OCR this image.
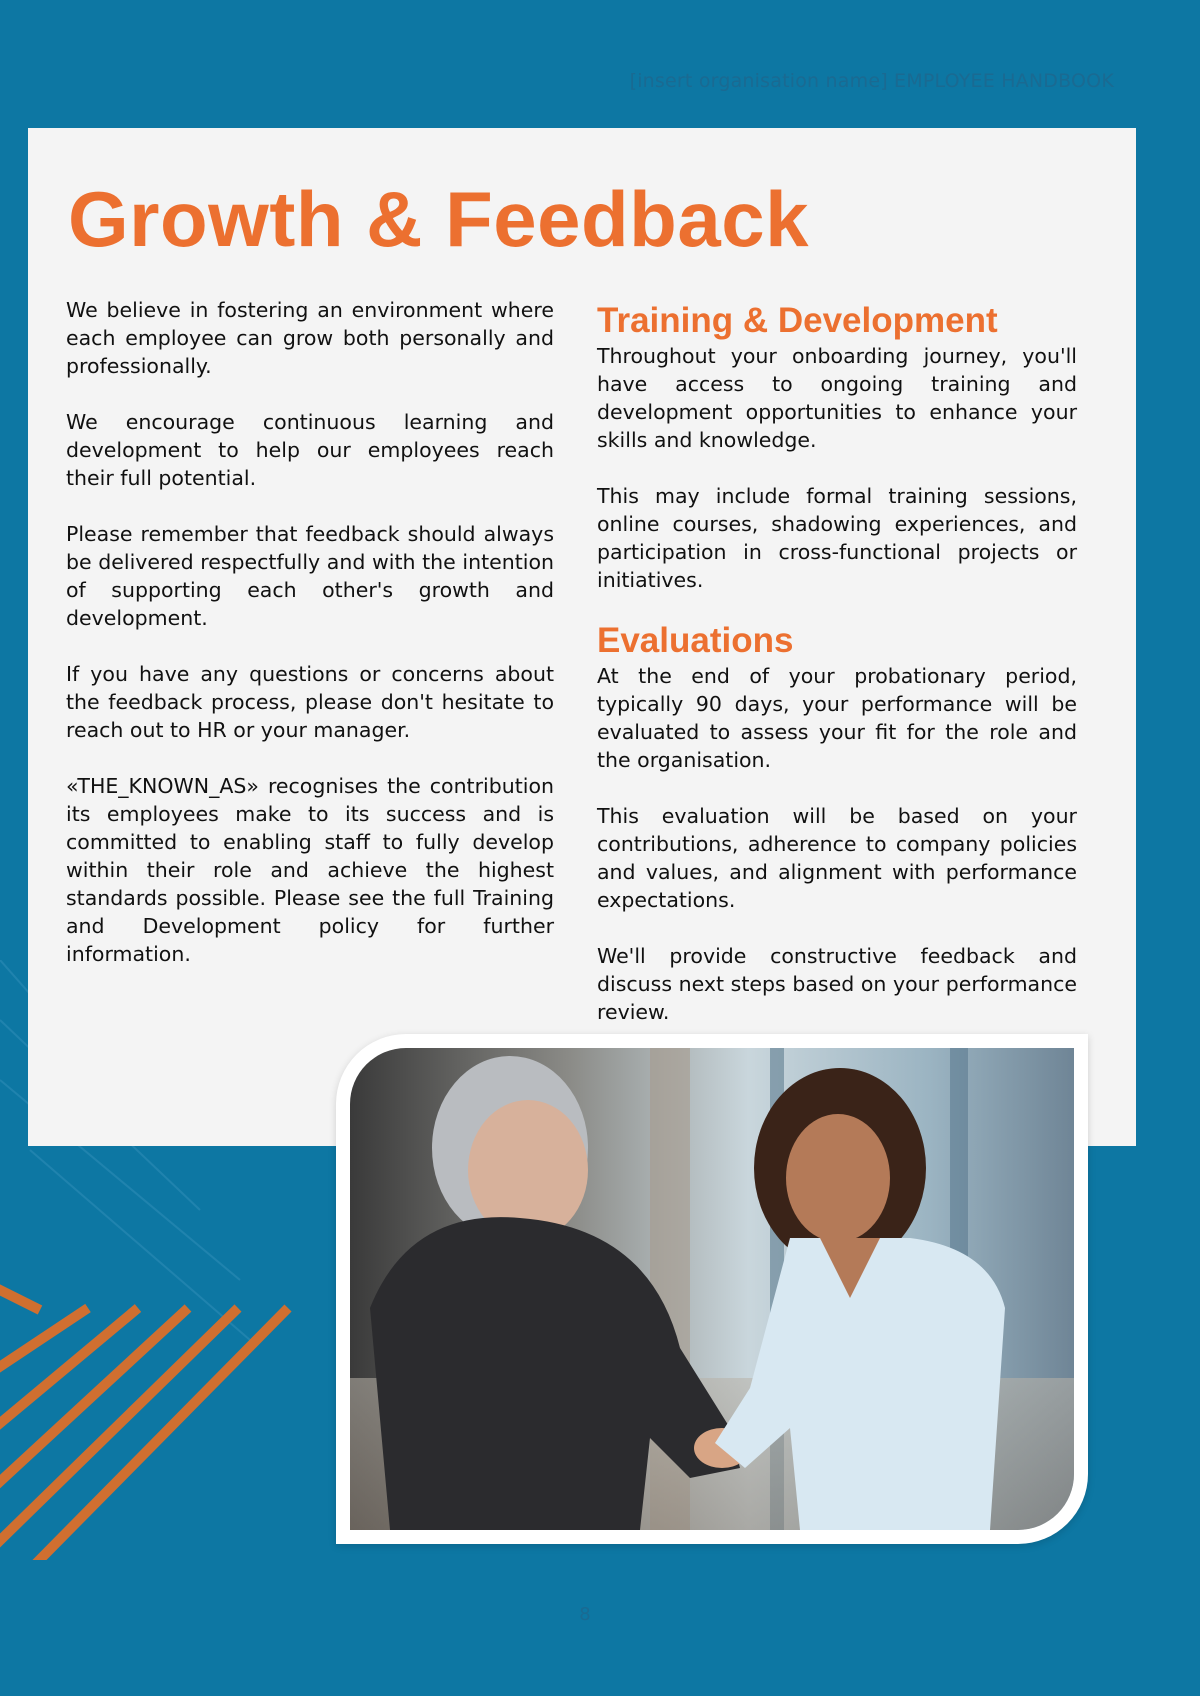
[insert organisation name] EMPLOYEE HANDBOOK
Growth & Feedback

We believe in fostering an environment where each employee can grow both personally and professionally.

We encourage continuous learning and development to help our employees reach their full potential.

Please remember that feedback should always be delivered respectfully and with the intention of supporting each other's growth and development.

If you have any questions or concerns about the feedback process, please don't hesitate to reach out to HR or your manager.

«THE_KNOWN_AS» recognises the contribution its employees make to its success and is committed to enabling staff to fully develop within their role and achieve the highest standards possible. Please see the full Training and Development policy for further information.

Training & Development

Throughout your onboarding journey, you'll have access to ongoing training and development opportunities to enhance your skills and knowledge.

This may include formal training sessions, online courses, shadowing experiences, and participation in cross-functional projects or initiatives.

Evaluations

At the end of your probationary period, typically 90 days, your performance will be evaluated to assess your fit for the role and the organisation.

This evaluation will be based on your contributions, adherence to company policies and values, and alignment with performance expectations.

We'll provide constructive feedback and discuss next steps based on your performance review.

8
